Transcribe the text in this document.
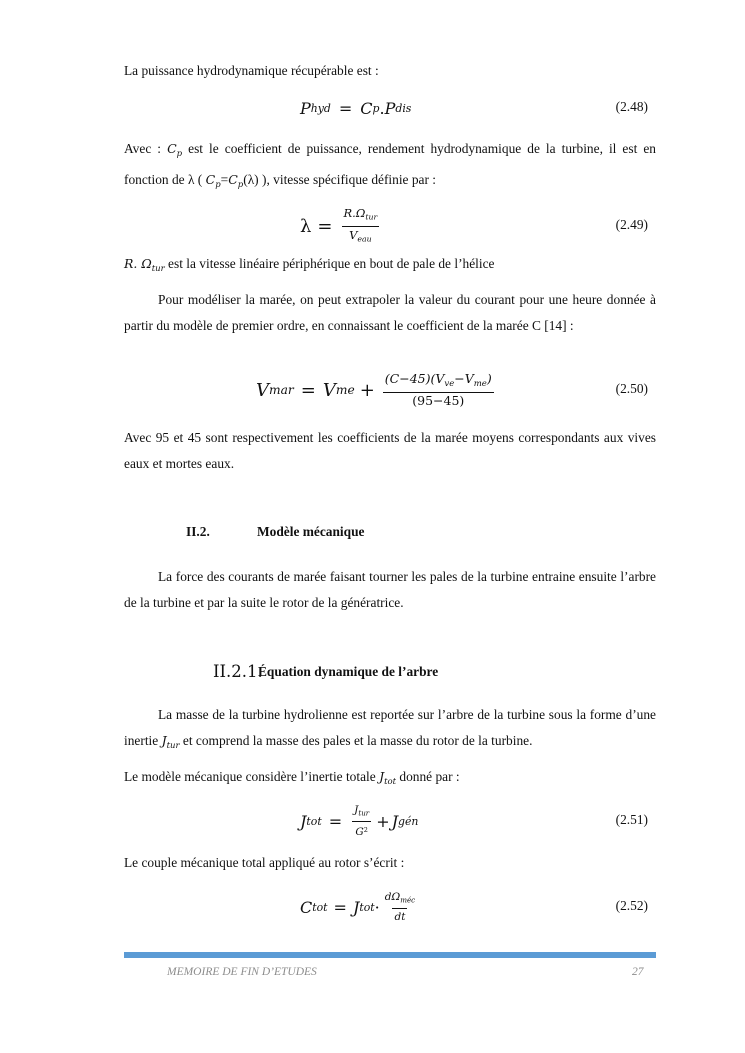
La puissance hydrodynamique récupérable est :

P hyd = C p . P dis	(2.48)

Avec : $C_p$ est le coefficient de puissance, rendement hydrodynamique de la turbine, il est en fonction de λ ( $C_p=C_p(\lambda)$ ), vitesse spécifique définie par :

$\lambda = \frac{R.\Omega_{tur}}{V_{eau}}$	(2.49)

R. $\Omega_{tur}$ est la vitesse linéaire périphérique en bout de pale de l’hélice

Pour modéliser la marée, on peut extrapoler la valeur du courant pour une heure donnée à partir du modèle de premier ordre, en connaissant le coefficient de la marée C [14] :

V mar = V me + $\frac{(C-45)(V_{ve}-V_{me})}{(95-45)}$	(2.50)

Avec 95 et 45 sont respectivement les coefficients de la marée moyens correspondants aux vives eaux et mortes eaux.

II.2.	Modèle mécanique

La force des courants de marée faisant tourner les pales de la turbine entraine ensuite l’arbre de la turbine et par la suite le rotor de la génératrice.

II.2.1.
Équation dynamique de l’arbre

La masse de la turbine hydrolienne est reportée sur l’arbre de la turbine sous la forme d’une inertie $J_{tur}$ et comprend la masse des pales et la masse du rotor de la turbine.

Le modèle mécanique considère l’inertie totale $J_{tot}$ donné par :

J tot = $\frac{J_{tur}}{G^2} + J$ gén	(2.51)

Le couple mécanique total appliqué au rotor s’écrit :

C tot = J tot · $\frac{d\Omega_{méc}}{dt}$	(2.52)
MEMOIRE DE FIN D’ETUDES	27
